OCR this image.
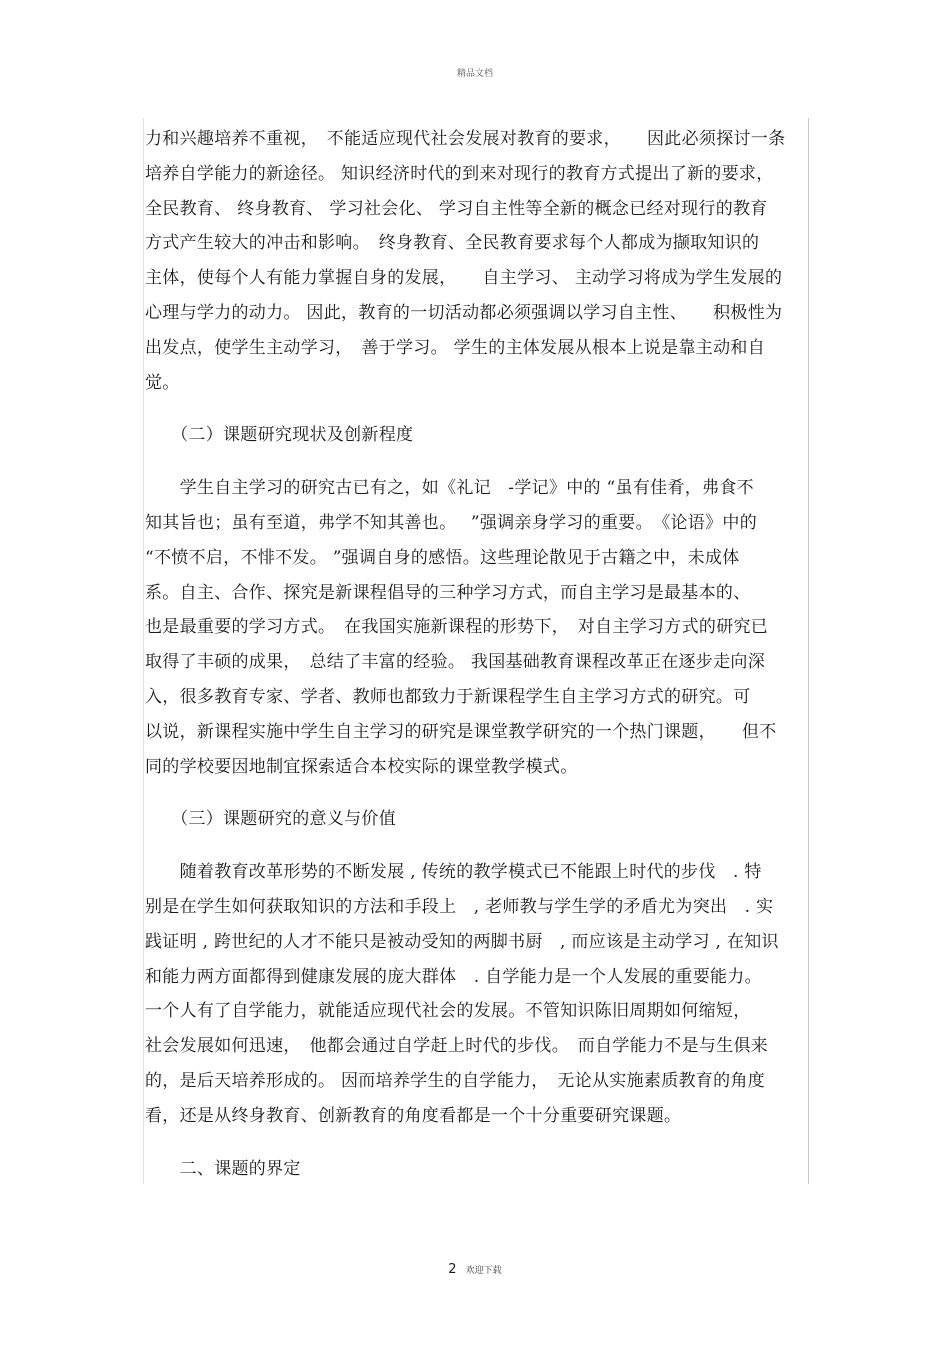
精品文档
力和兴趣培养不重视，　不能适应现代社会发展对教育的要求，　　因此必须探讨一条
培养自学能力的新途径。 知识经济时代的到来对现行的教育方式提出了新的要求，
全民教育、 终身教育、 学习社会化、 学习自主性等全新的概念已经对现行的教育
方式产生较大的冲击和影响。　终身教育、全民教育要求每个人都成为撷取知识的
主体，使每个人有能力掌握自身的发展，　　自主学习、 主动学习将成为学生发展的
心理与学力的动力。 因此，教育的一切活动都必须强调以学习自主性、　　积极性为
出发点，使学生主动学习，　善于学习。 学生的主体发展从根本上说是靠主动和自
觉。
　　（二）课题研究现状及创新程度
　　学生自主学习的研究古已有之，如《礼记　-学记》中的 “虽有佳肴，弗食不
知其旨也；虽有至道，弗学不知其善也。　 ”强调亲身学习的重要。　《论语》中的
“不愤不启，不悱不发。 ”强调自身的感悟。这些理论散见于古籍之中，未成体
系。自主、合作、探究是新课程倡导的三种学习方式，而自主学习是最基本的、
也是最重要的学习方式。　在我国实施新课程的形势下，　对自主学习方式的研究已
取得了丰硕的成果，　总结了丰富的经验。 我国基础教育课程改革正在逐步走向深
入，很多教育专家、学者、教师也都致力于新课程学生自主学习方式的研究。可
以说，新课程实施中学生自主学习的研究是课堂教学研究的一个热门课题，　　但不
同的学校要因地制宜探索适合本校实际的课堂教学模式。
　　（三）课题研究的意义与价值
　　随着教育改革形势的不断发展 , 传统的教学模式已不能跟上时代的步伐　. 特
别是在学生如何获取知识的方法和手段上　, 老师教与学生学的矛盾尤为突出　. 实
践证明 , 跨世纪的人才不能只是被动受知的两脚书厨　, 而应该是主动学习 , 在知识
和能力两方面都得到健康发展的庞大群体　. 自学能力是一个人发展的重要能力。
一个人有了自学能力，就能适应现代社会的发展。不管知识陈旧周期如何缩短，
社会发展如何迅速，　他都会通过自学赶上时代的步伐。　而自学能力不是与生俱来
的，是后天培养形成的。 因而培养学生的自学能力，　无论从实施素质教育的角度
看，还是从终身教育、创新教育的角度看都是一个十分重要研究课题。
　　二、课题的界定
2 欢迎下载
